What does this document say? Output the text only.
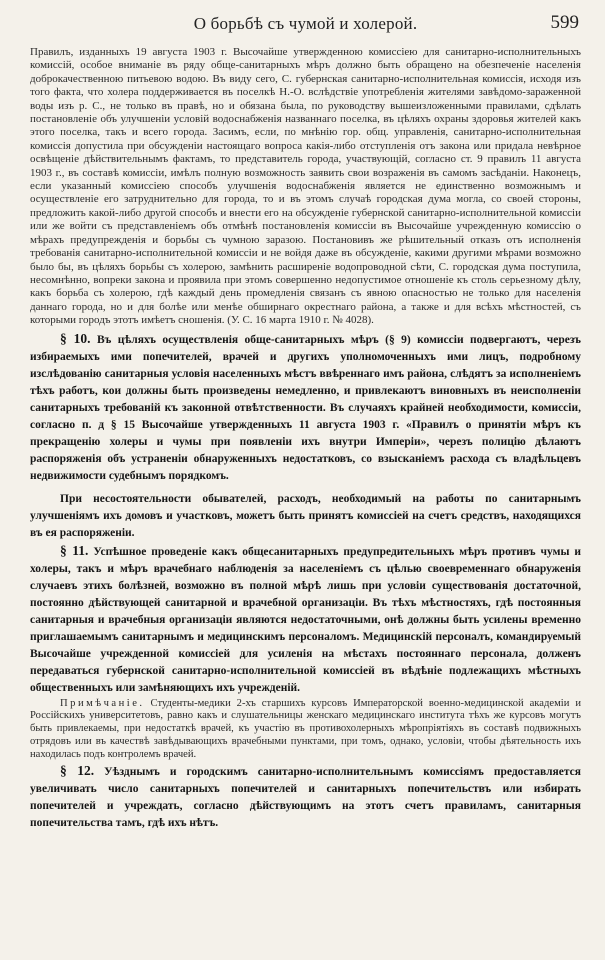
О борьбѣ съ чумой и холерой.	599

Правилъ, изданныхъ 19 августа 1903 г. Высочайше утвержденною комиссіею для санитарно-исполнительныхъ комиссій, особое вниманіе въ ряду обще-санитарныхъ мѣръ должно быть обращено на обезпеченіе населенія доброкачественною питьевою водою. Въ виду сего, С. губернская санитарно-исполнительная комиссія, исходя изъ того факта, что холера поддерживается въ поселкѣ Н.-О. вслѣдствіе употребленія жителями завѣдомо-зараженной воды изъ р. С., не только въ правѣ, но и обязана была, по руководству вышеизложенными правилами, сдѣлать постановленіе объ улучшеніи условій водоснабженія названнаго поселка, въ цѣляхъ охраны здоровья жителей какъ этого поселка, такъ и всего города. Засимъ, если, по мнѣнію гор. общ. управленія, санитарно-исполнительная комиссія допустила при обсужденіи настоящаго вопроса какія-либо отступленія отъ закона или придала невѣрное освѣщеніе дѣйствительнымъ фактамъ, то представитель города, участвующій, согласно ст. 9 правилъ 11 августа 1903 г., въ составѣ комиссіи, имѣлъ полную возможность заявить свои возраженія въ самомъ засѣданіи. Наконецъ, если указанный комиссіею способъ улучшенія водоснабженія является не единственно возможнымъ и осуществленіе его затруднительно для города, то и въ этомъ случаѣ городская дума могла, со своей стороны, предложить какой-либо другой способъ и внести его на обсужденіе губернской санитарно-исполнительной комиссіи или же войти съ представленіемъ объ отмѣнѣ постановленія комиссіи въ Высочайше учрежденную комиссію о мѣрахъ предупрежденія и борьбы съ чумною заразою. Постановивъ же рѣшительный отказъ отъ исполненія требованія санитарно-исполнительной комиссіи и не войдя даже въ обсужденіе, какими другими мѣрами возможно было бы, въ цѣляхъ борьбы съ холерою, замѣнить расширеніе водопроводной сѣти, С. городская дума поступила, несомнѣнно, вопреки закона и проявила при этомъ совершенно недопустимое отношеніе къ столь серьезному дѣлу, какъ борьба съ холерою, гдѣ каждый день промедленія связанъ съ явною опасностью не только для населенія даннаго города, но и для болѣе или менѣе обширнаго окрестнаго района, а также и для всѣхъ мѣстностей, съ которыми городъ этотъ имѣетъ сношенія. (У. С. 16 марта 1910 г. № 4028).

§ 10. Въ цѣляхъ осуществленія обще-санитарныхъ мѣръ (§ 9) комиссіи подвергаютъ, черезъ избираемыхъ ими попечителей, врачей и другихъ уполномоченныхъ ими лицъ, подробному изслѣдованію санитарныя условія населенныхъ мѣстъ ввѣреннаго имъ района, слѣдятъ за исполненіемъ тѣхъ работъ, кои должны быть произведены немедленно, и привлекаютъ виновныхъ въ неисполненіи санитарныхъ требованій къ законной отвѣтственности. Въ случаяхъ крайней необходимости, комиссіи, согласно п. д § 15 Высочайше утвержденныхъ 11 августа 1903 г. «Правилъ о принятіи мѣръ къ прекращенію холеры и чумы при появленіи ихъ внутри Имперіи», черезъ полицію дѣлаютъ распоряженія объ устраненіи обнаруженныхъ недостатковъ, со взысканіемъ расхода съ владѣльцевъ недвижимости судебнымъ порядкомъ.

При несостоятельности обывателей, расходъ, необходимый на работы по санитарнымъ улучшеніямъ ихъ домовъ и участковъ, можетъ быть принятъ комиссіей на счетъ средствъ, находящихся въ ея распоряженіи.

§ 11. Успѣшное проведеніе какъ общесанитарныхъ предупредительныхъ мѣръ противъ чумы и холеры, такъ и мѣръ врачебнаго наблюденія за населеніемъ съ цѣлью своевременнаго обнаруженія случаевъ этихъ болѣзней, возможно въ полной мѣрѣ лишь при условіи существованія достаточной, постоянно дѣйствующей санитарной и врачебной организаціи. Въ тѣхъ мѣстностяхъ, гдѣ постоянныя санитарныя и врачебныя организаціи являются недостаточными, онѣ должны быть усилены временно приглашаемымъ санитарнымъ и медицинскимъ персоналомъ. Медицинскій персоналъ, командируемый Высочайше учрежденной комиссіей для усиленія на мѣстахъ постояннаго персонала, долженъ передаваться губернской санитарно-исполнительной комиссіей въ вѣдѣніе подлежащихъ мѣстныхъ общественныхъ или замѣняющихъ ихъ учрежденій.

Примѣчаніе. Студенты-медики 2-хъ старшихъ курсовъ Императорской военно-медицинской академіи и Россійскихъ университетовъ, равно какъ и слушательницы женскаго медицинскаго института тѣхъ же курсовъ могутъ быть привлекаемы, при недостаткѣ врачей, къ участію въ противохолерныхъ мѣропріятіяхъ въ составѣ подвижныхъ отрядовъ или въ качествѣ завѣдывающихъ врачебными пунктами, при томъ, однако, условіи, чтобы дѣятельность ихъ находилась подъ контролемъ врачей.

§ 12. Уѣзднымъ и городскимъ санитарно-исполнительнымъ комиссіямъ предоставляется увеличивать число санитарныхъ попечителей и санитарныхъ попечительствъ или избирать попечителей и учреждать, согласно дѣйствующимъ на этотъ счетъ правиламъ, санитарныя попечительства тамъ, гдѣ ихъ нѣтъ.
